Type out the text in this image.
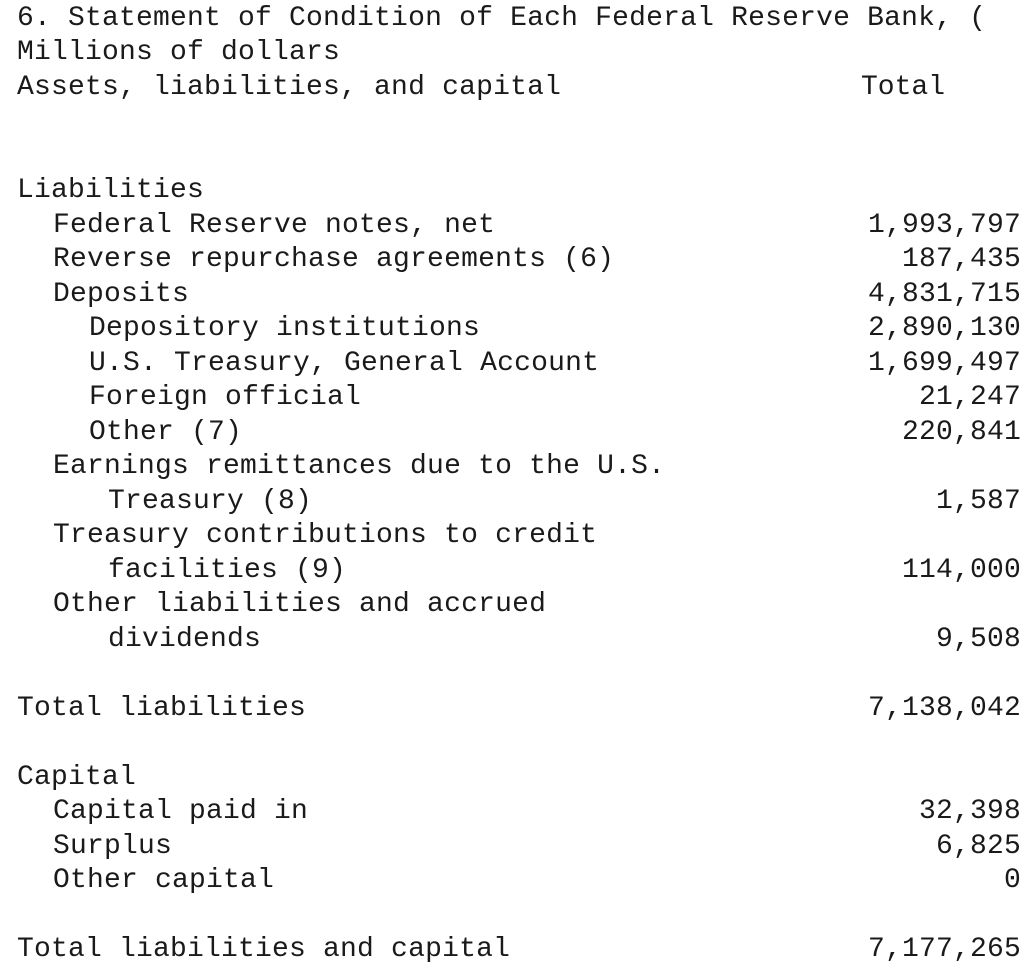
6. Statement of Condition of Each Federal Reserve Bank, (
Millions of dollars
Assets, liabilities, and capital	Total
Liabilities
Federal Reserve notes, net	1,993,797
Reverse repurchase agreements (6)	187,435
Deposits	4,831,715
Depository institutions	2,890,130
U.S. Treasury, General Account	1,699,497
Foreign official	21,247
Other (7)	220,841
Earnings remittances due to the U.S.
Treasury (8)	1,587
Treasury contributions to credit
facilities (9)	114,000
Other liabilities and accrued
dividends	9,508
Total liabilities	7,138,042
Capital
Capital paid in	32,398
Surplus	6,825
Other capital	0
Total liabilities and capital	7,177,265
